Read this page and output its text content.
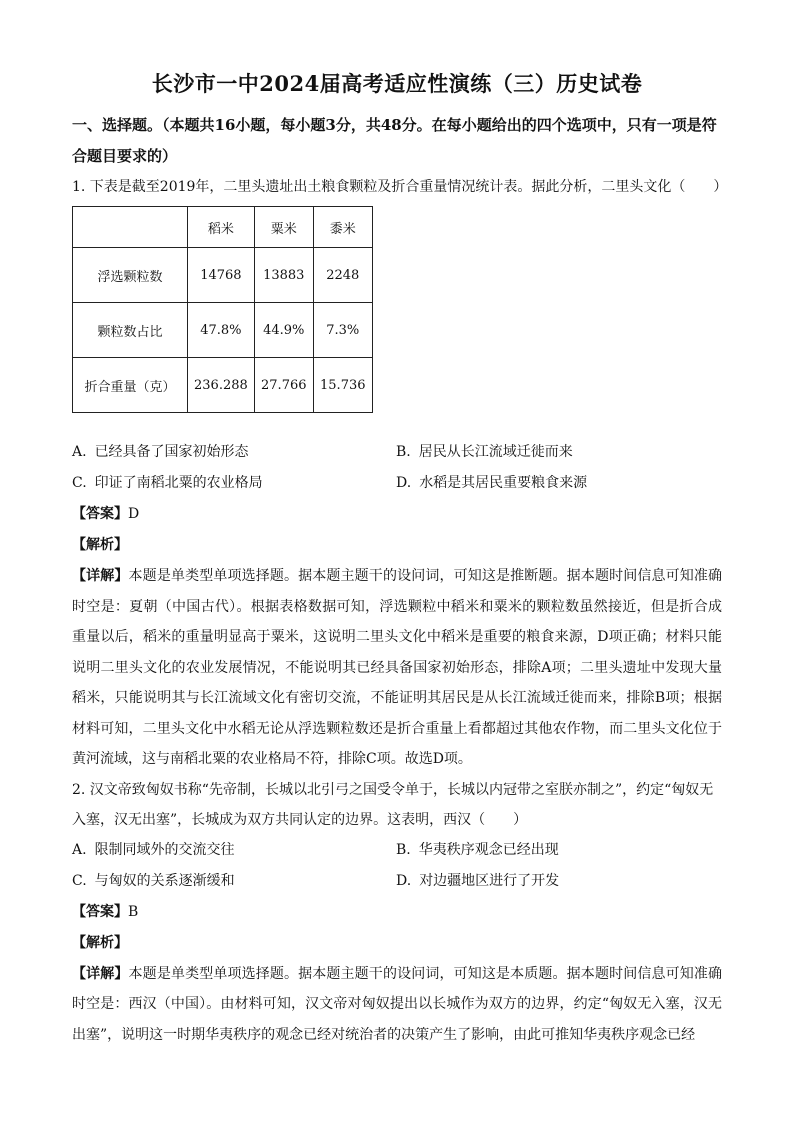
长沙市一中2024届高考适应性演练（三）历史试卷

一、选择题。（本题共16小题，每小题3分，共48分。在每小题给出的四个选项中，只有一项是符合题目要求的）

1. 下表是截至2019年，二里头遗址出土粮食颗粒及折合重量情况统计表。据此分析，二里头文化（　　）

	稻米	粟米	黍米
浮选颗粒数	14768	13883	2248
颗粒数占比	47.8%	44.9%	7.3%
折合重量（克）	236.288	27.766	15.736
A. 已经具备了国家初始形态	B. 居民从长江流域迁徙而来
C. 印证了南稻北粟的农业格局	D. 水稻是其居民重要粮食来源

【答案】D

【解析】

【详解】本题是单类型单项选择题。据本题主题干的设问词，可知这是推断题。据本题时间信息可知准确时空是：夏朝（中国古代）。根据表格数据可知，浮选颗粒中稻米和粟米的颗粒数虽然接近，但是折合成重量以后，稻米的重量明显高于粟米，这说明二里头文化中稻米是重要的粮食来源，D项正确；材料只能说明二里头文化的农业发展情况，不能说明其已经具备国家初始形态，排除A项；二里头遗址中发现大量稻米，只能说明其与长江流域文化有密切交流，不能证明其居民是从长江流域迁徙而来，排除B项；根据材料可知，二里头文化中水稻无论从浮选颗粒数还是折合重量上看都超过其他农作物，而二里头文化位于黄河流域，这与南稻北粟的农业格局不符，排除C项。故选D项。

2. 汉文帝致匈奴书称“先帝制，长城以北引弓之国受令单于，长城以内冠带之室朕亦制之”，约定“匈奴无入塞，汉无出塞”，长城成为双方共同认定的边界。这表明，西汉（　　）

A. 限制同域外的交流交往	B. 华夷秩序观念已经出现
C. 与匈奴的关系逐渐缓和	D. 对边疆地区进行了开发

【答案】B

【解析】

【详解】本题是单类型单项选择题。据本题主题干的设问词，可知这是本质题。据本题时间信息可知准确时空是：西汉（中国）。由材料可知，汉文帝对匈奴提出以长城作为双方的边界，约定“匈奴无入塞，汉无出塞”，说明这一时期华夷秩序的观念已经对统治者的决策产生了影响，由此可推知华夷秩序观念已经
